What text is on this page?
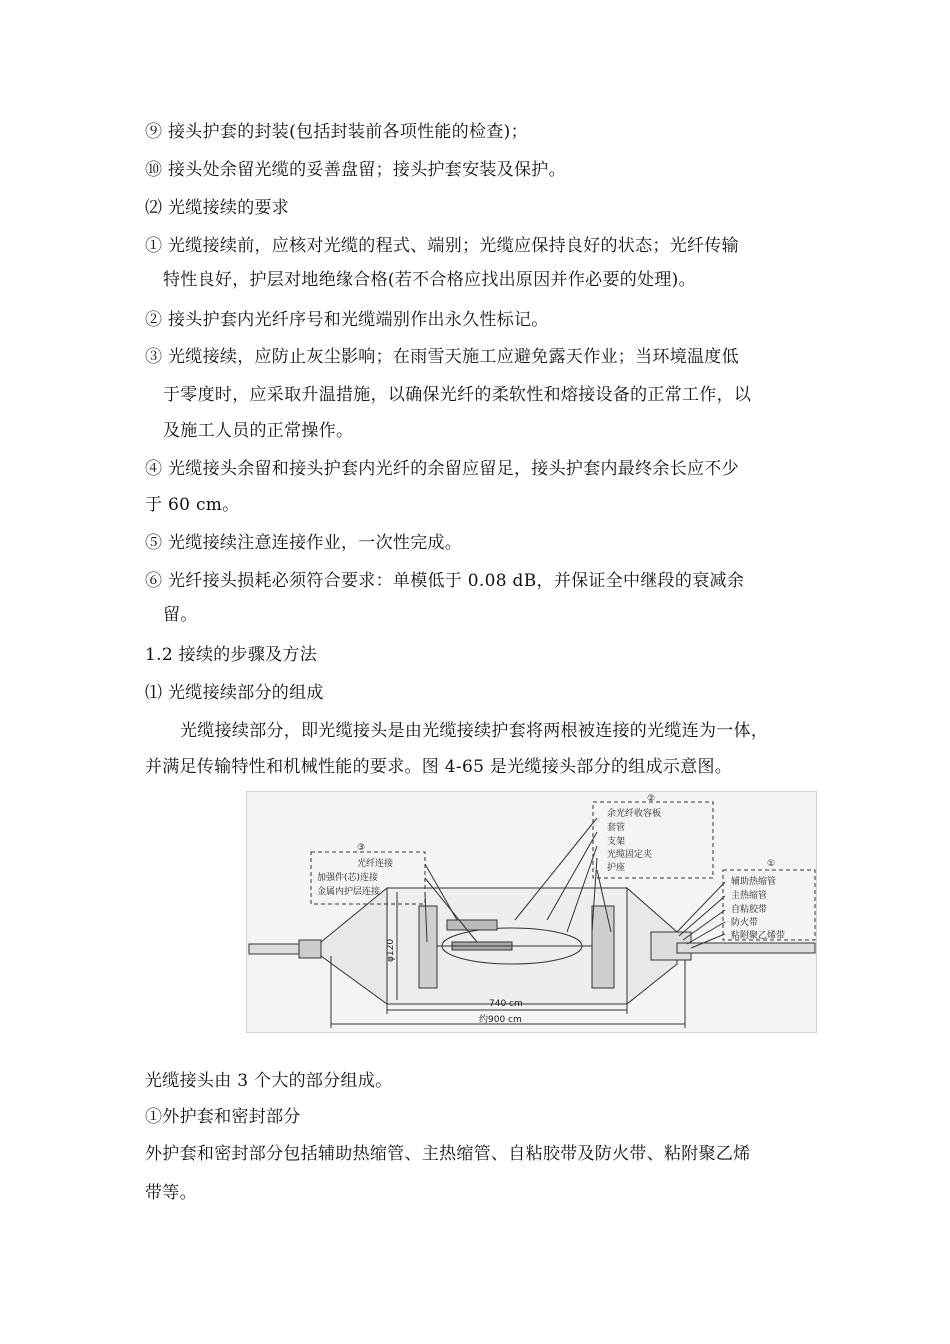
⑨ 接头护套的封装(包括封装前各项性能的检查)；
⑩ 接头处余留光缆的妥善盘留；接头护套安装及保护。
⑵ 光缆接续的要求
① 光缆接续前，应核对光缆的程式、端别；光缆应保持良好的状态；光纤传输
特性良好，护层对地绝缘合格(若不合格应找出原因并作必要的处理)。
② 接头护套内光纤序号和光缆端别作出永久性标记。
③ 光缆接续，应防止灰尘影响；在雨雪天施工应避免露天作业；当环境温度低
于零度时，应采取升温措施，以确保光纤的柔软性和熔接设备的正常工作，以
及施工人员的正常操作。
④ 光缆接头余留和接头护套内光纤的余留应留足，接头护套内最终余长应不少
于 60 cm。
⑤ 光缆接续注意连接作业，一次性完成。
⑥ 光纤接头损耗必须符合要求：单模低于 0.08 dB，并保证全中继段的衰减余
留。
1.2 接续的步骤及方法
⑴ 光缆接续部分的组成
光缆接续部分，即光缆接头是由光缆接续护套将两根被连接的光缆连为一体，
并满足传输特性和机械性能的要求。图 4-65 是光缆接头部分的组成示意图。
②
余光纤收容板
套管
支架
光缆固定夹
护座
③
光纤连接
加强件(芯)连接
金属内护层连接
①
辅助热缩管
主热缩管
自粘胶带
防火带
粘附聚乙烯带
φ120
740 cm
约900 cm
光缆接头由 3 个大的部分组成。
①外护套和密封部分
外护套和密封部分包括辅助热缩管、主热缩管、自粘胶带及防火带、粘附聚乙烯
带等。
